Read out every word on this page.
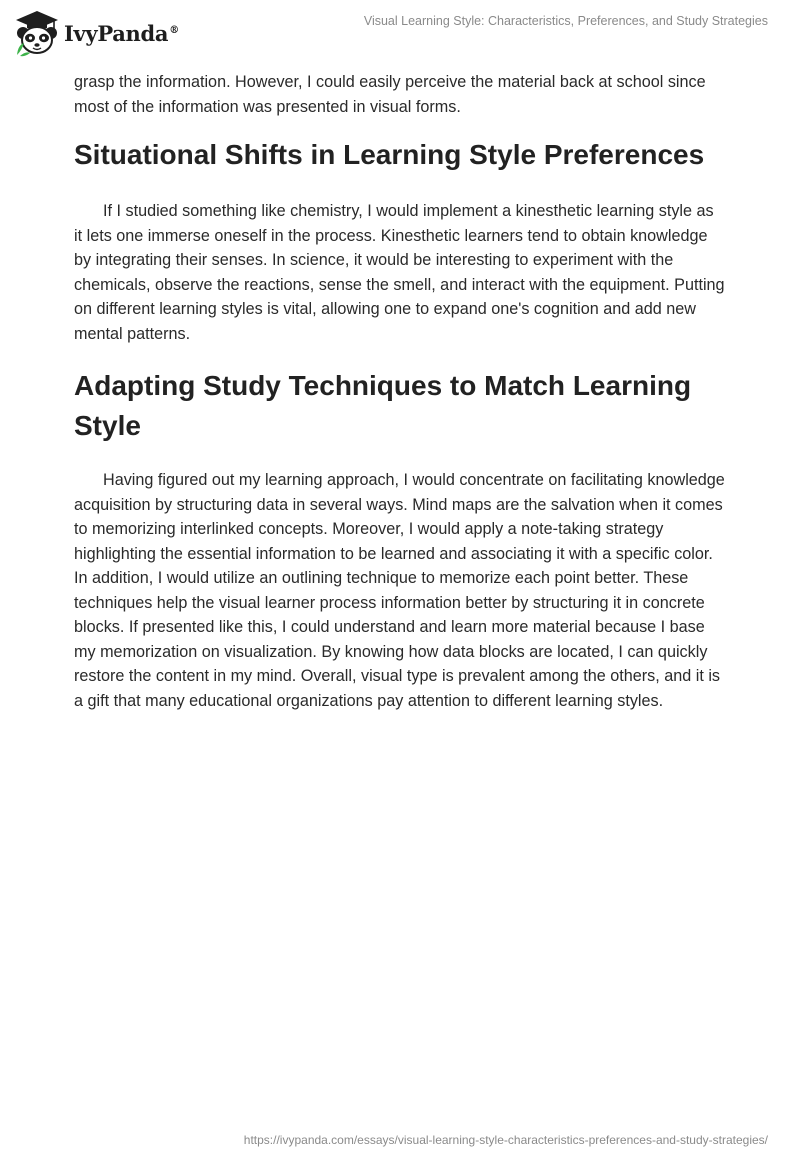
IvyPanda®
Visual Learning Style: Characteristics, Preferences, and Study Strategies

grasp the information. However, I could easily perceive the material back at school since most of the information was presented in visual forms.

Situational Shifts in Learning Style Preferences

If I studied something like chemistry, I would implement a kinesthetic learning style as it lets one immerse oneself in the process. Kinesthetic learners tend to obtain knowledge by integrating their senses. In science, it would be interesting to experiment with the chemicals, observe the reactions, sense the smell, and interact with the equipment. Putting on different learning styles is vital, allowing one to expand one's cognition and add new mental patterns.

Adapting Study Techniques to Match Learning Style

Having figured out my learning approach, I would concentrate on facilitating knowledge acquisition by structuring data in several ways. Mind maps are the salvation when it comes to memorizing interlinked concepts. Moreover, I would apply a note-taking strategy highlighting the essential information to be learned and associating it with a specific color. In addition, I would utilize an outlining technique to memorize each point better. These techniques help the visual learner process information better by structuring it in concrete blocks. If presented like this, I could understand and learn more material because I base my memorization on visualization. By knowing how data blocks are located, I can quickly restore the content in my mind. Overall, visual type is prevalent among the others, and it is a gift that many educational organizations pay attention to different learning styles.

https://ivypanda.com/essays/visual-learning-style-characteristics-preferences-and-study-strategies/
